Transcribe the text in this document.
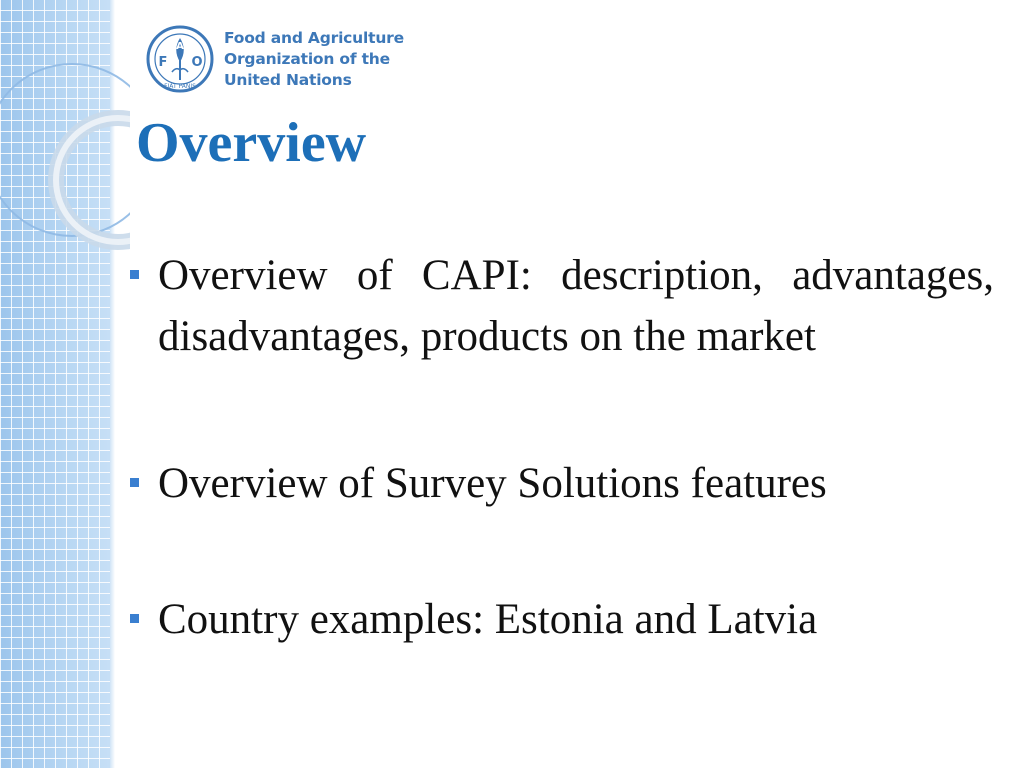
F
A
O
FIAT PANIS
Food and Agriculture
Organization of the
United Nations
Overview
Overview of CAPI: description, advantages, disadvantages, products on the market
Overview of Survey Solutions features
Country examples: Estonia and Latvia
